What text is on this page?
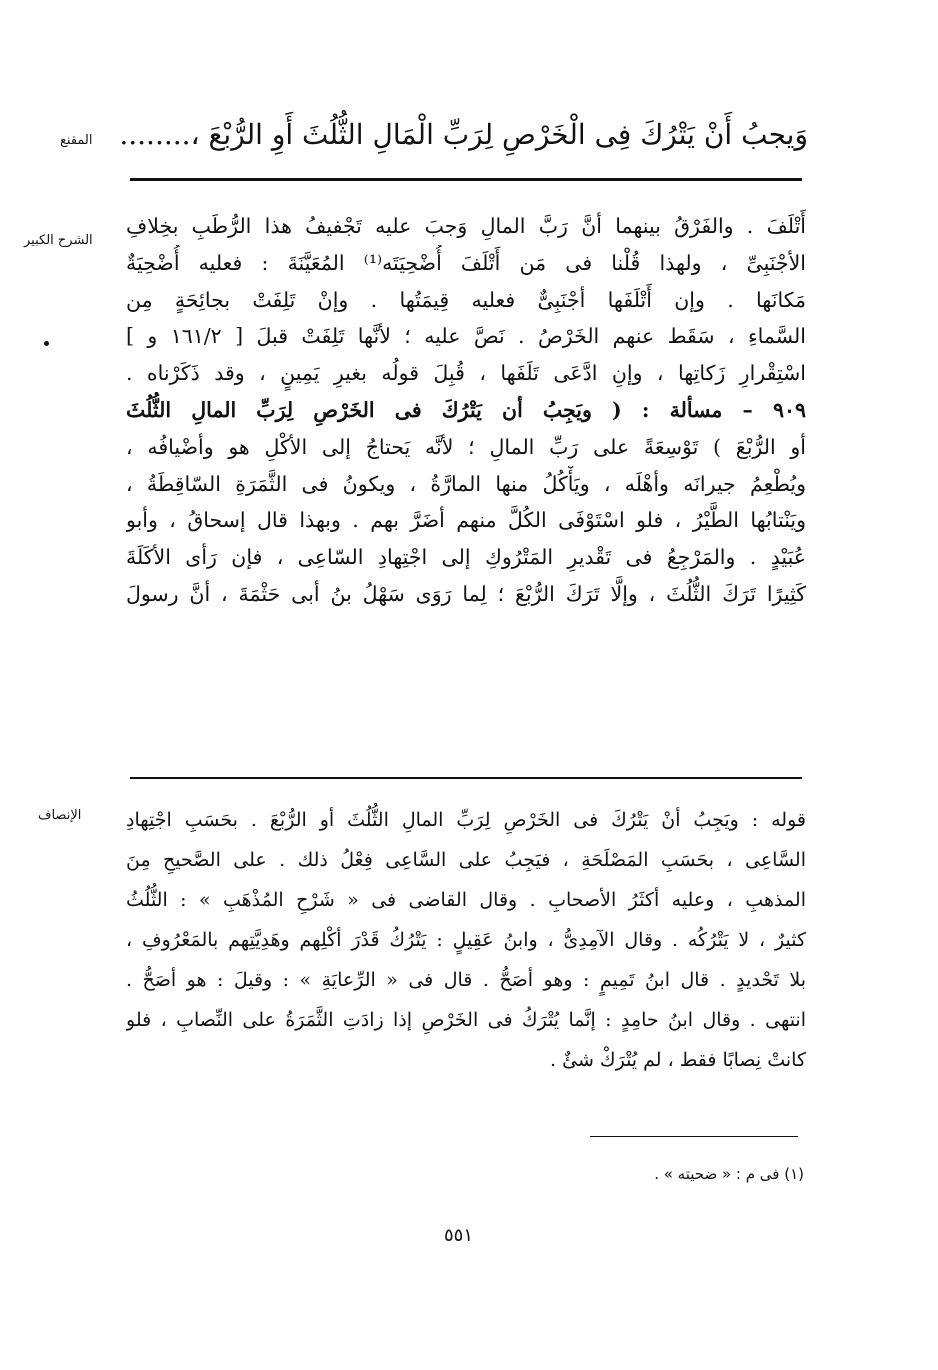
المقنع وَيجبُ أَنْ يَتْرُكَ فِى الْخَرْصِ لِرَبِّ الْمَالِ الثُّلُثَ أَوِ الرُّبْعَ ،........
الشرح الكبير
أَتْلَفَ . والفَرْقُ بينهما أنَّ رَبَّ المالِ وَجبَ عليه تَجْفيفُ هذا الرُّطَبِ بخِلافِ
الأجْنَبِىِّ ، ولهذا قُلْنا فى مَن أَتْلَفَ أُضْحِيَتَه⁽¹⁾ المُعَيَّنَةَ : فعليه أُضْحِيَةٌ
مَكانَها . وإن أَتْلَفَها أجْنَبِىٌّ فعليه قِيمَتُها . وإنْ تَلِفَتْ بجائِحَةٍ مِن
السَّماءِ ، سَقَط عنهم الخَرْصُ . نَصَّ عليه ؛ لأنَّها تَلِفَتْ قبلَ [ ١٦١/٢ و ]
اسْتِقْرارِ زَكاتِها ، وإنِ ادَّعَى تَلَفَها ، قُبِلَ قولُه بغيرِ يَمِينٍ ، وقد ذَكَرْناه .
٩٠٩ – مسألة : ( ويَجِبُ أن يَتْرُكَ فى الخَرْصِ لِرَبِّ المالِ الثُّلُثَ
أو الرُّبْعَ ) تَوْسِعَةً على رَبِّ المالِ ؛ لأنَّه يَحتاجُ إلى الأكْلِ هو وأضْيافُه ،
ويُطْعِمُ جيرانَه وأهْلَه ، ويَأْكُلُ منها المارَّةُ ، ويكونُ فى الثَّمَرَةِ السّاقِطَةُ ،
ويَنْتابُها الطَّيْرُ ، فلو اسْتَوْفَى الكُلَّ منهم أضَرَّ بهم . وبهذا قال إسحاقُ ، وأبو
عُبَيْدٍ . والمَرْجِعُ فى تَقْديرِ المَتْرُوكِ إلى اجْتِهادِ السّاعِى ، فإن رَأى الأكَلَةَ
كَثِيرًا تَرَكَ الثُّلُثَ ، وإلَّا تَرَكَ الرُّبْعَ ؛ لِما رَوَى سَهْلُ بنُ أبى حَثْمَةَ ، أنَّ رسولَ
الإنصاف قوله : ويَجِبُ أنْ يَتْرُكَ فى الخَرْصِ لِرَبِّ المالِ الثُّلُثَ أو الرُّبْعَ . بحَسَبِ اجْتِهادِ
السَّاعِى ، بحَسَبِ المَصْلَحَةِ ، فيَجِبُ على السَّاعِى فِعْلُ ذلك . على الصَّحيحِ مِنَ
المذهبِ ، وعليه أكثَرُ الأصحابِ . وقال القاضى فى « شَرْحِ المُذْهَبِ » : الثُّلُثُ
كثيرٌ ، لا يَتْرُكُه . وقال الآمِدِىُّ ، وابنُ عَقِيلٍ : يَتْرُكُ قَدْرَ أكْلِهم وهَدِيَّتِهم بالمَعْرُوفِ ،
بلا تَحْديدٍ . قال ابنُ تَمِيمٍ : وهو أصَحُّ . قال فى « الرِّعايَةِ » : وقيلَ : هو أصَحُّ .
انتهى . وقال ابنُ حامِدٍ : إنَّما يُتْرَكُ فى الخَرْصِ إذا زادَتِ الثَّمَرَةُ على النِّصابِ ، فلو
كانتْ نِصابًا فقط ، لم يُتْرَكْ شئٌ .
(١) فى م : « ضحيته » .
٥٥١
